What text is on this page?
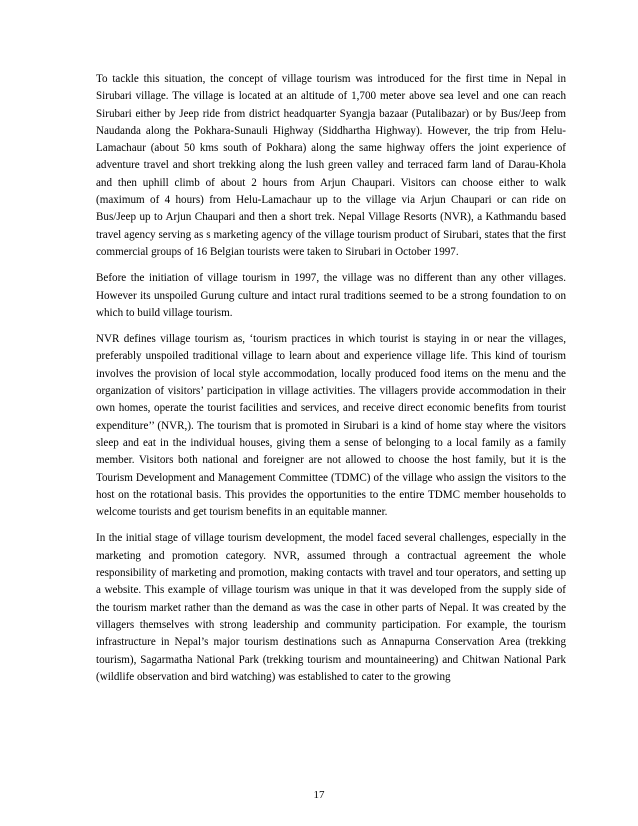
To tackle this situation, the concept of village tourism was introduced for the first time in Nepal in Sirubari village. The village is located at an altitude of 1,700 meter above sea level and one can reach Sirubari either by Jeep ride from district headquarter Syangja bazaar (Putalibazar) or by Bus/Jeep from Naudanda along the Pokhara-Sunauli Highway (Siddhartha Highway). However, the trip from Helu-Lamachaur (about 50 kms south of Pokhara) along the same highway offers the joint experience of adventure travel and short trekking along the lush green valley and terraced farm land of Darau-Khola and then uphill climb of about 2 hours from Arjun Chaupari. Visitors can choose either to walk (maximum of 4 hours) from Helu-Lamachaur up to the village via Arjun Chaupari or can ride on Bus/Jeep up to Arjun Chaupari and then a short trek. Nepal Village Resorts (NVR), a Kathmandu based travel agency serving as s marketing agency of the village tourism product of Sirubari, states that the first commercial groups of 16 Belgian tourists were taken to Sirubari in October 1997.

Before the initiation of village tourism in 1997, the village was no different than any other villages. However its unspoiled Gurung culture and intact rural traditions seemed to be a strong foundation to on which to build village tourism.

NVR defines village tourism as, ‘tourism practices in which tourist is staying in or near the villages, preferably unspoiled traditional village to learn about and experience village life. This kind of tourism involves the provision of local style accommodation, locally produced food items on the menu and the organization of visitors’ participation in village activities. The villagers provide accommodation in their own homes, operate the tourist facilities and services, and receive direct economic benefits from tourist expenditure’’ (NVR,). The tourism that is promoted in Sirubari is a kind of home stay where the visitors sleep and eat in the individual houses, giving them a sense of belonging to a local family as a family member. Visitors both national and foreigner are not allowed to choose the host family, but it is the Tourism Development and Management Committee (TDMC) of the village who assign the visitors to the host on the rotational basis. This provides the opportunities to the entire TDMC member households to welcome tourists and get tourism benefits in an equitable manner.

In the initial stage of village tourism development, the model faced several challenges, especially in the marketing and promotion category. NVR, assumed through a contractual agreement the whole responsibility of marketing and promotion, making contacts with travel and tour operators, and setting up a website. This example of village tourism was unique in that it was developed from the supply side of the tourism market rather than the demand as was the case in other parts of Nepal. It was created by the villagers themselves with strong leadership and community participation. For example, the tourism infrastructure in Nepal’s major tourism destinations such as Annapurna Conservation Area (trekking tourism), Sagarmatha National Park (trekking tourism and mountaineering) and Chitwan National Park (wildlife observation and bird watching) was established to cater to the growing

17
